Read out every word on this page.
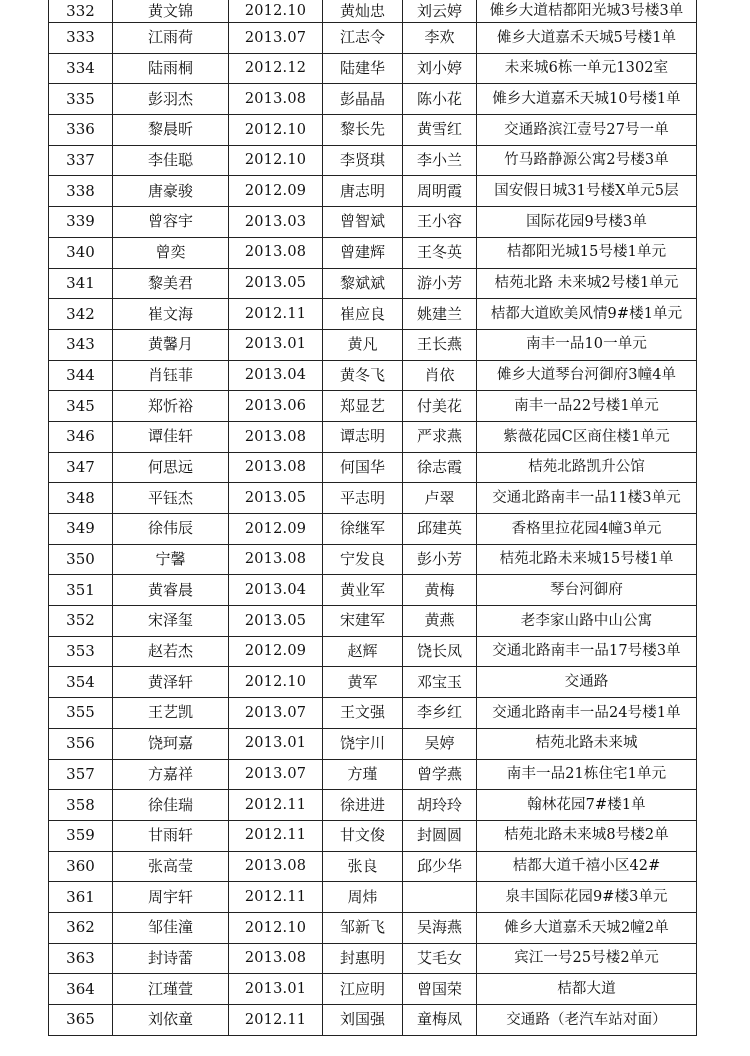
332	黄文锦	2012.10	黄灿忠	刘云婷	傩乡大道桔都阳光城3号楼3单
333	江雨荷	2013.07	江志令	李欢	傩乡大道嘉禾天城5号楼1单
334	陆雨桐	2012.12	陆建华	刘小婷	未来城6栋一单元1302室
335	彭羽杰	2013.08	彭晶晶	陈小花	傩乡大道嘉禾天城10号楼1单
336	黎晨昕	2012.10	黎长先	黄雪红	交通路滨江壹号27号一单
337	李佳聪	2012.10	李贤琪	李小兰	竹马路静源公寓2号楼3单
338	唐豪骏	2012.09	唐志明	周明霞	国安假日城31号楼X单元5层
339	曾容宇	2013.03	曾智斌	王小容	国际花园9号楼3单
340	曾奕	2013.08	曾建辉	王冬英	桔都阳光城15号楼1单元
341	黎美君	2013.05	黎斌斌	游小芳	桔苑北路 未来城2号楼1单元
342	崔文海	2012.11	崔应良	姚建兰	桔都大道欧美风情9#楼1单元
343	黄馨月	2013.01	黄凡	王长燕	南丰一品10一单元
344	肖钰菲	2013.04	黄冬飞	肖依	傩乡大道琴台河御府3幢4单
345	郑忻裕	2013.06	郑显艺	付美花	南丰一品22号楼1单元
346	谭佳轩	2013.08	谭志明	严求燕	紫薇花园C区商住楼1单元
347	何思远	2013.08	何国华	徐志霞	桔苑北路凯升公馆
348	平钰杰	2013.05	平志明	卢翠	交通北路南丰一品11楼3单元
349	徐伟辰	2012.09	徐继军	邱建英	香格里拉花园4幢3单元
350	宁馨	2013.08	宁发良	彭小芳	桔苑北路未来城15号楼1单
351	黄睿晨	2013.04	黄业军	黄梅	琴台河御府
352	宋泽玺	2013.05	宋建军	黄燕	老李家山路中山公寓
353	赵若杰	2012.09	赵辉	饶长凤	交通北路南丰一品17号楼3单
354	黄泽轩	2012.10	黄军	邓宝玉	交通路
355	王艺凯	2013.07	王文强	李乡红	交通北路南丰一品24号楼1单
356	饶珂嘉	2013.01	饶宇川	吴婷	桔苑北路未来城
357	方嘉祥	2013.07	方瑾	曾学燕	南丰一品21栋住宅1单元
358	徐佳瑞	2012.11	徐进进	胡玲玲	翰林花园7#楼1单
359	甘雨轩	2012.11	甘文俊	封圆圆	桔苑北路未来城8号楼2单
360	张高莹	2013.08	张良	邱少华	桔都大道千禧小区42#
361	周宇轩	2012.11	周炜		泉丰国际花园9#楼3单元
362	邹佳潼	2012.10	邹新飞	吴海燕	傩乡大道嘉禾天城2幢2单
363	封诗蕾	2013.08	封惠明	艾毛女	宾江一号25号楼2单元
364	江瑾萱	2013.01	江应明	曾国荣	桔都大道
365	刘依童	2012.11	刘国强	童梅凤	交通路（老汽车站对面）
